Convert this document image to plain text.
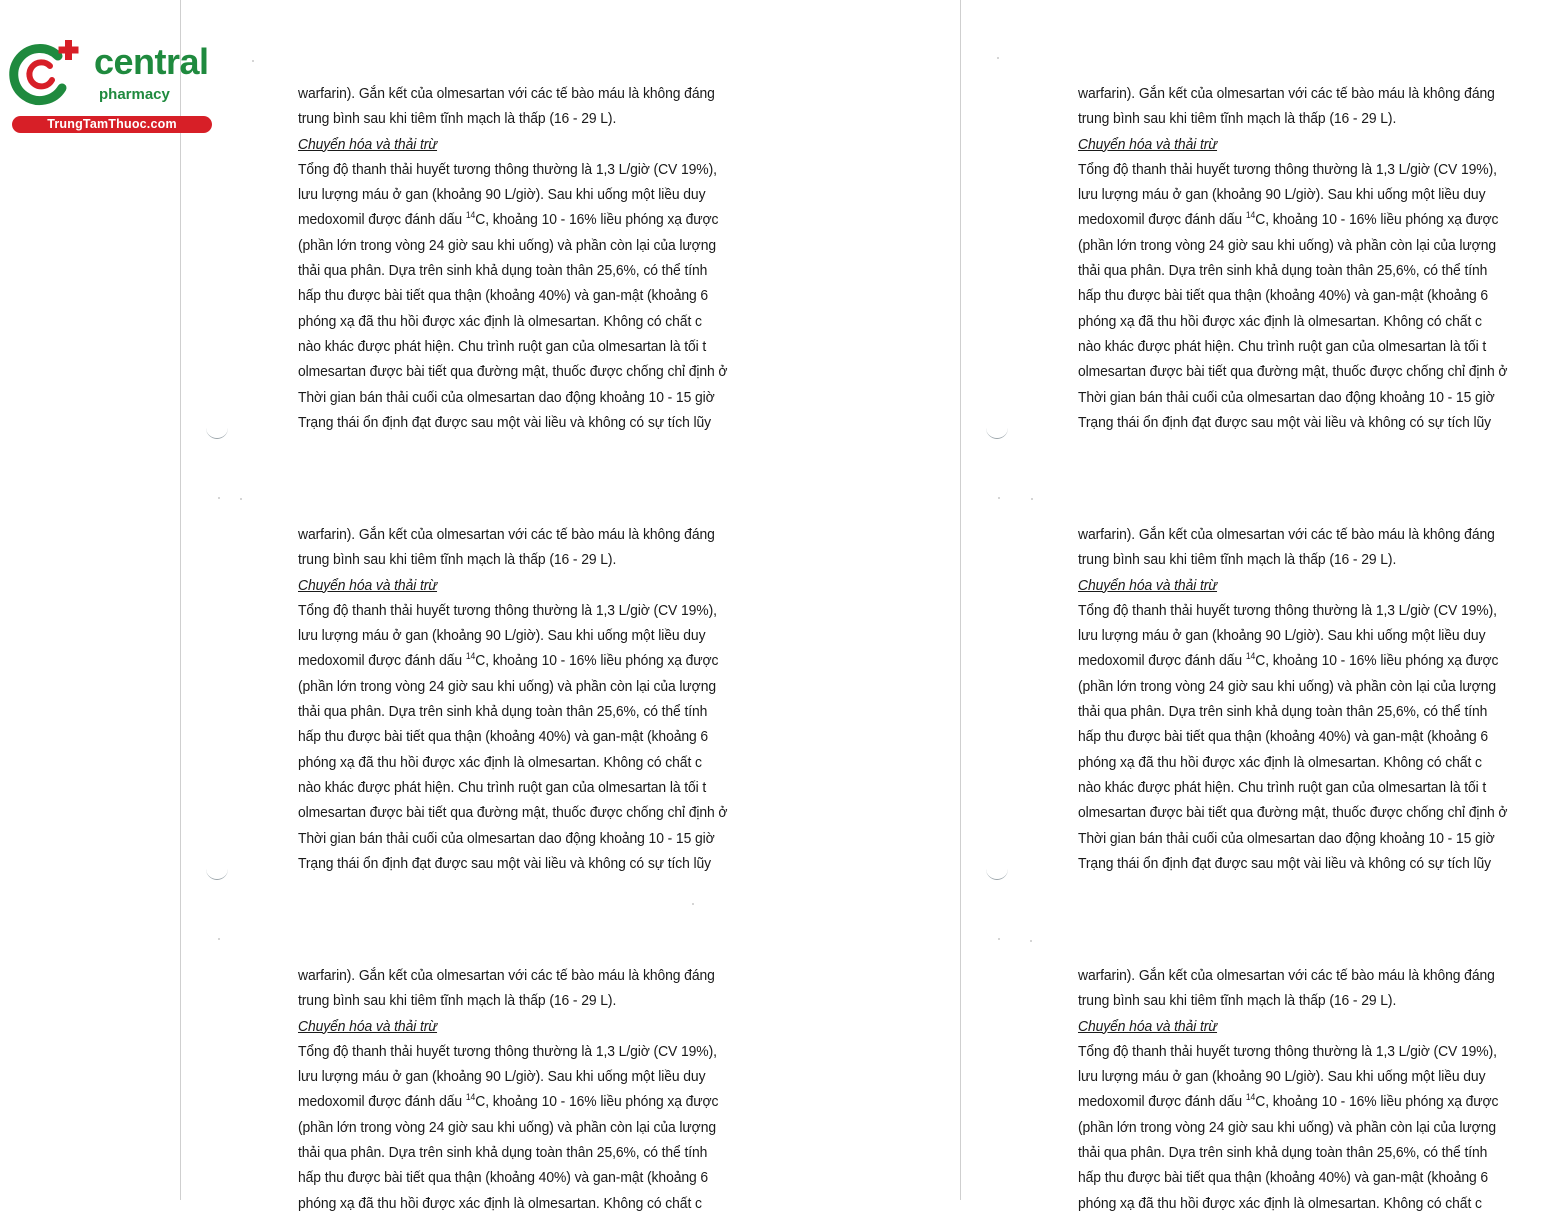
warfarin). Gắn kết của olmesartan với các tế bào máu là không đáng
trung bình sau khi tiêm tĩnh mạch là thấp (16 - 29 L).
Chuyển hóa và thải trừ
Tổng độ thanh thải huyết tương thông thường là 1,3 L/giờ (CV 19%),
lưu lượng máu ở gan (khoảng 90 L/giờ). Sau khi uống một liều duy
medoxomil được đánh dấu $^{14}$C, khoảng 10 - 16% liều phóng xạ được
(phần lớn trong vòng 24 giờ sau khi uống) và phần còn lại của lượng
thải qua phân. Dựa trên sinh khả dụng toàn thân 25,6%, có thể tính
hấp thu được bài tiết qua thận (khoảng 40%) và gan-mật (khoảng 6
phóng xạ đã thu hồi được xác định là olmesartan. Không có chất c
nào khác được phát hiện. Chu trình ruột gan của olmesartan là tối t
olmesartan được bài tiết qua đường mật, thuốc được chống chỉ định ở
Thời gian bán thải cuối của olmesartan dao động khoảng 10 - 15 giờ
Trạng thái ổn định đạt được sau một vài liều và không có sự tích lũy
warfarin). Gắn kết của olmesartan với các tế bào máu là không đáng
trung bình sau khi tiêm tĩnh mạch là thấp (16 - 29 L).
Chuyển hóa và thải trừ
Tổng độ thanh thải huyết tương thông thường là 1,3 L/giờ (CV 19%),
lưu lượng máu ở gan (khoảng 90 L/giờ). Sau khi uống một liều duy
medoxomil được đánh dấu $^{14}$C, khoảng 10 - 16% liều phóng xạ được
(phần lớn trong vòng 24 giờ sau khi uống) và phần còn lại của lượng
thải qua phân. Dựa trên sinh khả dụng toàn thân 25,6%, có thể tính
hấp thu được bài tiết qua thận (khoảng 40%) và gan-mật (khoảng 6
phóng xạ đã thu hồi được xác định là olmesartan. Không có chất c
nào khác được phát hiện. Chu trình ruột gan của olmesartan là tối t
olmesartan được bài tiết qua đường mật, thuốc được chống chỉ định ở
Thời gian bán thải cuối của olmesartan dao động khoảng 10 - 15 giờ
Trạng thái ổn định đạt được sau một vài liều và không có sự tích lũy
warfarin). Gắn kết của olmesartan với các tế bào máu là không đáng
trung bình sau khi tiêm tĩnh mạch là thấp (16 - 29 L).
Chuyển hóa và thải trừ
Tổng độ thanh thải huyết tương thông thường là 1,3 L/giờ (CV 19%),
lưu lượng máu ở gan (khoảng 90 L/giờ). Sau khi uống một liều duy
medoxomil được đánh dấu $^{14}$C, khoảng 10 - 16% liều phóng xạ được
(phần lớn trong vòng 24 giờ sau khi uống) và phần còn lại của lượng
thải qua phân. Dựa trên sinh khả dụng toàn thân 25,6%, có thể tính
hấp thu được bài tiết qua thận (khoảng 40%) và gan-mật (khoảng 6
phóng xạ đã thu hồi được xác định là olmesartan. Không có chất c
warfarin). Gắn kết của olmesartan với các tế bào máu là không đáng
trung bình sau khi tiêm tĩnh mạch là thấp (16 - 29 L).
Chuyển hóa và thải trừ
Tổng độ thanh thải huyết tương thông thường là 1,3 L/giờ (CV 19%),
lưu lượng máu ở gan (khoảng 90 L/giờ). Sau khi uống một liều duy
medoxomil được đánh dấu $^{14}$C, khoảng 10 - 16% liều phóng xạ được
(phần lớn trong vòng 24 giờ sau khi uống) và phần còn lại của lượng
thải qua phân. Dựa trên sinh khả dụng toàn thân 25,6%, có thể tính
hấp thu được bài tiết qua thận (khoảng 40%) và gan-mật (khoảng 6
phóng xạ đã thu hồi được xác định là olmesartan. Không có chất c
nào khác được phát hiện. Chu trình ruột gan của olmesartan là tối t
olmesartan được bài tiết qua đường mật, thuốc được chống chỉ định ở
Thời gian bán thải cuối của olmesartan dao động khoảng 10 - 15 giờ
Trạng thái ổn định đạt được sau một vài liều và không có sự tích lũy
warfarin). Gắn kết của olmesartan với các tế bào máu là không đáng
trung bình sau khi tiêm tĩnh mạch là thấp (16 - 29 L).
Chuyển hóa và thải trừ
Tổng độ thanh thải huyết tương thông thường là 1,3 L/giờ (CV 19%),
lưu lượng máu ở gan (khoảng 90 L/giờ). Sau khi uống một liều duy
medoxomil được đánh dấu $^{14}$C, khoảng 10 - 16% liều phóng xạ được
(phần lớn trong vòng 24 giờ sau khi uống) và phần còn lại của lượng
thải qua phân. Dựa trên sinh khả dụng toàn thân 25,6%, có thể tính
hấp thu được bài tiết qua thận (khoảng 40%) và gan-mật (khoảng 6
phóng xạ đã thu hồi được xác định là olmesartan. Không có chất c
nào khác được phát hiện. Chu trình ruột gan của olmesartan là tối t
olmesartan được bài tiết qua đường mật, thuốc được chống chỉ định ở
Thời gian bán thải cuối của olmesartan dao động khoảng 10 - 15 giờ
Trạng thái ổn định đạt được sau một vài liều và không có sự tích lũy
warfarin). Gắn kết của olmesartan với các tế bào máu là không đáng
trung bình sau khi tiêm tĩnh mạch là thấp (16 - 29 L).
Chuyển hóa và thải trừ
Tổng độ thanh thải huyết tương thông thường là 1,3 L/giờ (CV 19%),
lưu lượng máu ở gan (khoảng 90 L/giờ). Sau khi uống một liều duy
medoxomil được đánh dấu $^{14}$C, khoảng 10 - 16% liều phóng xạ được
(phần lớn trong vòng 24 giờ sau khi uống) và phần còn lại của lượng
thải qua phân. Dựa trên sinh khả dụng toàn thân 25,6%, có thể tính
hấp thu được bài tiết qua thận (khoảng 40%) và gan-mật (khoảng 6
phóng xạ đã thu hồi được xác định là olmesartan. Không có chất c
central
pharmacy
TrungTamThuoc.com
